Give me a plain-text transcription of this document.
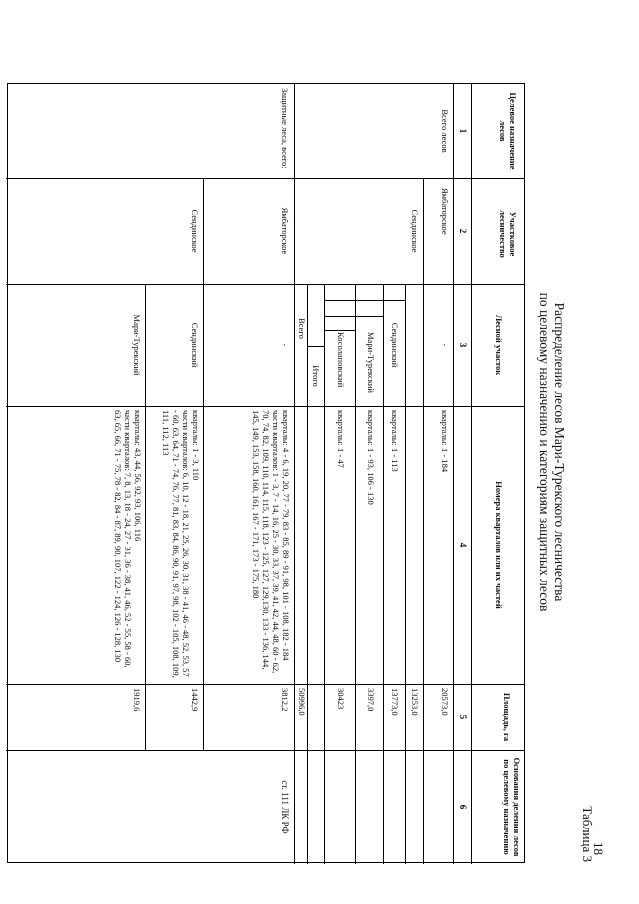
18
Таблица 3
Распределение лесов Мари-Турекского лесничества
по целевому назначению и категориям защитных лесов
Целевое назначение лесов
Участковое лесничество
Лесной участок
Номера кварталов или их частей
Площадь, га
Основания деления лесов по целевому назначению
1
2
3
4
5
6
Всего лесов
Ямбаторское
-
кварталы: 1 - 184
20573,0
Сендинское
13253,0
Сендинский
кварталы: 1 - 113
13773,0
Мари-Турекский
кварталы: 1 - 93, 106 - 130
3397,0
Косолаповский
кварталы: 1 - 47
30423
Итого
Всего
50996,0
Защитные леса, всего:
Ямбаторское
-
кварталы: 4 - 6, 19, 20, 77 - 79, 83 - 85, 89 - 91, 98, 101 - 108, 182 - 184
части кварталов: 1 - 3, 7 - 14, 16, 25 - 30, 33, 37, 39, 41, 42, 44, 48, 60 - 62, 70, 74, 82, 109, 110, 114, 115, 118, 123 - 125, 127, 129,130, 133 - 136, 144, 145, 149, 153, 158, 160, 161, 167 - 171, 173 - 175, 180
3812,2
ст. 111 ЛК РФ
Сендинское
Сендинский
кварталы: 1 - 3, 110
части кварталов: 6, 10, 12 - 18, 21, 25, 26, 30, 31, 38 - 41, 46 - 48, 52, 53, 57 - 60, 63, 64, 71 - 74, 76, 77, 81, 83, 84, 86, 90, 91, 97, 98, 102 - 105, 108, 109, 111, 112, 113
1442,9
Мари-Турекский
кварталы: 43, 44, 56, 92, 93, 106, 116
части кварталов: 7, 8, 13, 18 - 24, 27 - 31, 36 - 38, 41, 46, 52 - 55, 58 - 60, 63, 65, 66, 71 - 75, 78 - 82, 84 - 87, 89, 90, 107, 122 - 124, 126 - 128, 130
1919,6
